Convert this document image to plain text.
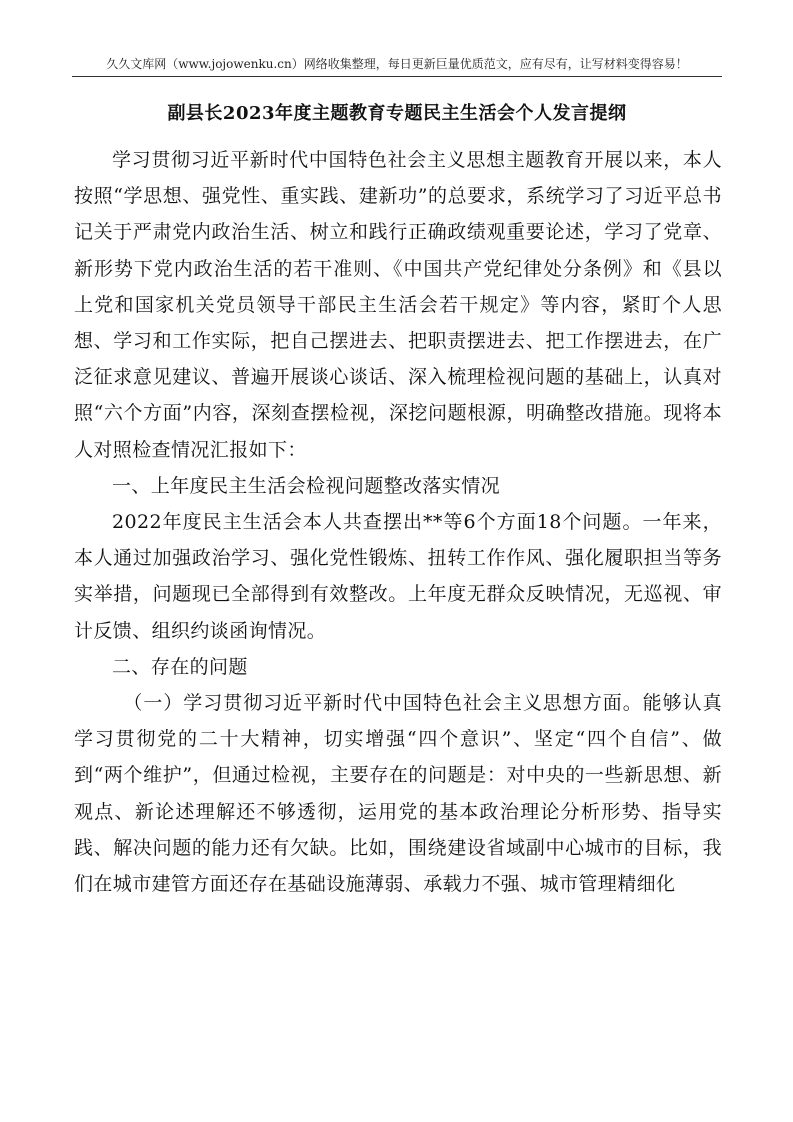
久久文库网（www.jojowenku.cn）网络收集整理，每日更新巨量优质范文，应有尽有，让写材料变得容易！
副县长2023年度主题教育专题民主生活会个人发言提纲

学习贯彻习近平新时代中国特色社会主义思想主题教育开展以来，本人按照“学思想、强党性、重实践、建新功”的总要求，系统学习了习近平总书记关于严肃党内政治生活、树立和践行正确政绩观重要论述，学习了党章、新形势下党内政治生活的若干准则、《中国共产党纪律处分条例》和《县以上党和国家机关党员领导干部民主生活会若干规定》等内容，紧盯个人思想、学习和工作实际，把自己摆进去、把职责摆进去、把工作摆进去，在广泛征求意见建议、普遍开展谈心谈话、深入梳理检视问题的基础上，认真对照“六个方面”内容，深刻查摆检视，深挖问题根源，明确整改措施。现将本人对照检查情况汇报如下：

一、上年度民主生活会检视问题整改落实情况

2022年度民主生活会本人共查摆出**等6个方面18个问题。一年来，本人通过加强政治学习、强化党性锻炼、扭转工作作风、强化履职担当等务实举措，问题现已全部得到有效整改。上年度无群众反映情况，无巡视、审计反馈、组织约谈函询情况。

二、存在的问题

（一）学习贯彻习近平新时代中国特色社会主义思想方面。能够认真学习贯彻党的二十大精神，切实增强“四个意识”、坚定“四个自信”、做到“两个维护”，但通过检视，主要存在的问题是：对中央的一些新思想、新观点、新论述理解还不够透彻，运用党的基本政治理论分析形势、指导实践、解决问题的能力还有欠缺。比如，围绕建设省域副中心城市的目标，我们在城市建管方面还存在基础设施薄弱、承载力不强、城市管理精细化
